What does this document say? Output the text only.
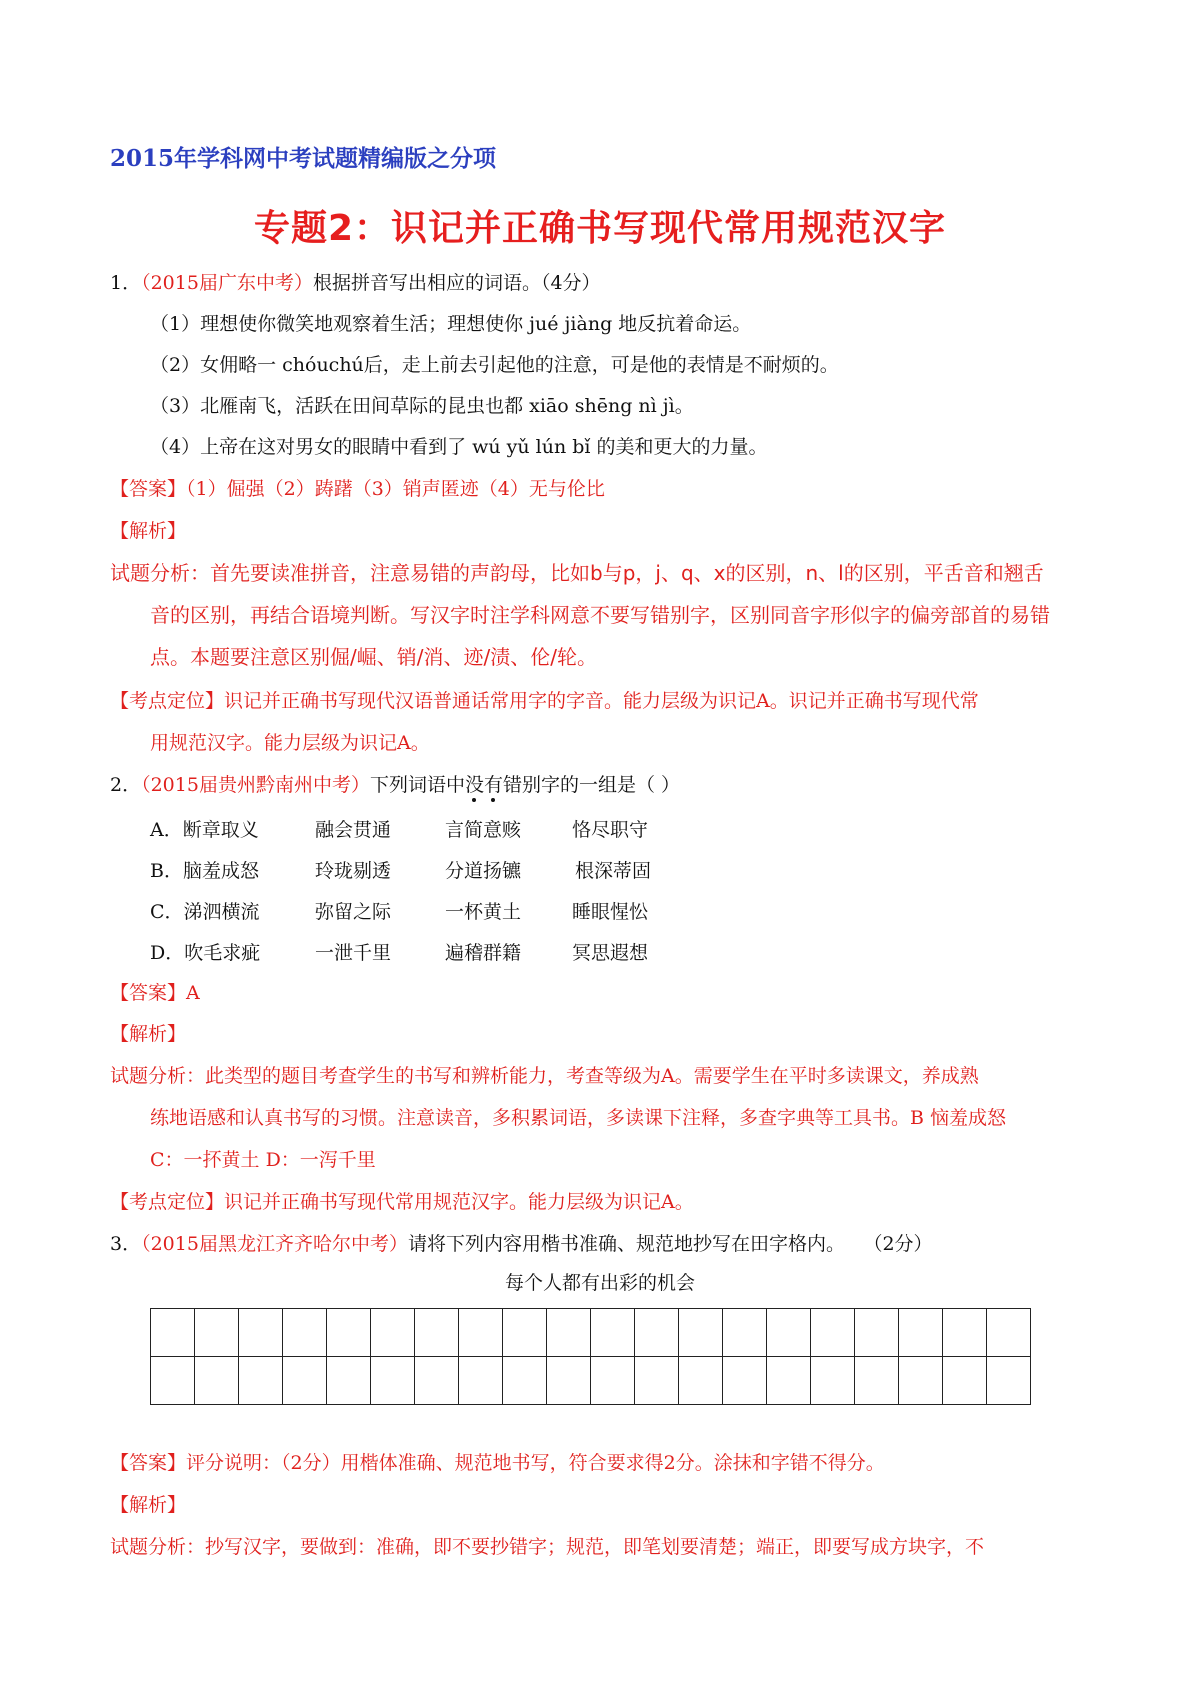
2015年学科网中考试题精编版之分项
专题2：识记并正确书写现代常用规范汉字
1．（2015届广东中考）根据拼音写出相应的词语。（4分）
（1）理想使你微笑地观察着生活；理想使你 jué jiàng 地反抗着命运。
（2）女佣略一 chóuchú后，走上前去引起他的注意，可是他的表情是不耐烦的。
（3）北雁南飞，活跃在田间草际的昆虫也都 xiāo shēng nì jì。
（4）上帝在这对男女的眼睛中看到了 wú yǔ lún bǐ 的美和更大的力量。
【答案】（1）倔强（2）踌躇（3）销声匿迹（4）无与伦比
【解析】
试题分析：首先要读准拼音，注意易错的声韵母，比如b与p，j、q、x的区别，n、l的区别，平舌音和翘舌
音的区别，再结合语境判断。写汉字时注学科网意不要写错别字，区别同音字形似字的偏旁部首的易错
点。本题要注意区别倔/崛、销/消、迹/渍、伦/轮。
【考点定位】识记并正确书写现代汉语普通话常用字的字音。能力层级为识记A。识记并正确书写现代常
用规范汉字。能力层级为识记A。
2．（2015届贵州黔南州中考）下列词语中没有错别字的一组是（ ）
A．断章取义	融会贯通	言简意赅	恪尽职守
B．脑羞成怒	玲珑剔透	分道扬镳	根深蒂固
C．涕泗横流	弥留之际	一杯黄土	睡眼惺忪
D．吹毛求疵	一泄千里	遍稽群籍	冥思遐想
【答案】A
【解析】
试题分析：此类型的题目考查学生的书写和辨析能力，考查等级为A。需要学生在平时多读课文，养成熟
练地语感和认真书写的习惯。注意读音，多积累词语，多读课下注释，多查字典等工具书。B 恼羞成怒
C：一抔黄土 D：一泻千里
【考点定位】识记并正确书写现代常用规范汉字。能力层级为识记A。
3．（2015届黑龙江齐齐哈尔中考）请将下列内容用楷书准确、规范地抄写在田字格内。 （2分）
每个人都有出彩的机会
【答案】评分说明：（2分）用楷体准确、规范地书写，符合要求得2分。涂抹和字错不得分。
【解析】
试题分析：抄写汉字，要做到：准确，即不要抄错字；规范，即笔划要清楚；端正，即要写成方块字，不
